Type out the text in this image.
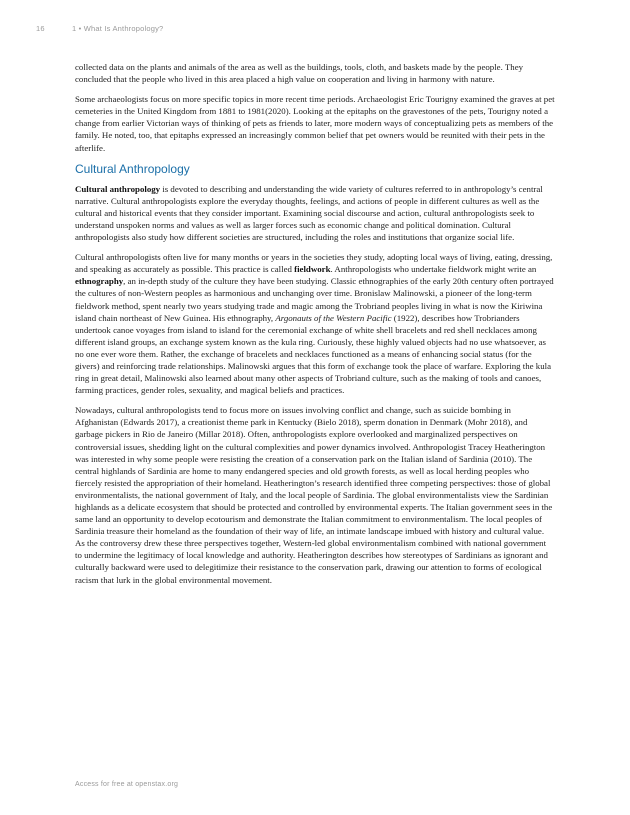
16	1 • What Is Anthropology?

collected data on the plants and animals of the area as well as the buildings, tools, cloth, and baskets made by the people. They concluded that the people who lived in this area placed a high value on cooperation and living in harmony with nature.

Some archaeologists focus on more specific topics in more recent time periods. Archaeologist Eric Tourigny examined the graves at pet cemeteries in the United Kingdom from 1881 to 1981(2020). Looking at the epitaphs on the gravestones of the pets, Tourigny noted a change from earlier Victorian ways of thinking of pets as friends to later, more modern ways of conceptualizing pets as members of the family. He noted, too, that epitaphs expressed an increasingly common belief that pet owners would be reunited with their pets in the afterlife.

Cultural Anthropology

Cultural anthropology is devoted to describing and understanding the wide variety of cultures referred to in anthropology’s central narrative. Cultural anthropologists explore the everyday thoughts, feelings, and actions of people in different cultures as well as the cultural and historical events that they consider important. Examining social discourse and action, cultural anthropologists seek to understand unspoken norms and values as well as larger forces such as economic change and political domination. Cultural anthropologists also study how different societies are structured, including the roles and institutions that organize social life.

Cultural anthropologists often live for many months or years in the societies they study, adopting local ways of living, eating, dressing, and speaking as accurately as possible. This practice is called fieldwork. Anthropologists who undertake fieldwork might write an ethnography, an in-depth study of the culture they have been studying. Classic ethnographies of the early 20th century often portrayed the cultures of non-Western peoples as harmonious and unchanging over time. Bronislaw Malinowski, a pioneer of the long-term fieldwork method, spent nearly two years studying trade and magic among the Trobriand peoples living in what is now the Kiriwina island chain northeast of New Guinea. His ethnography, Argonauts of the Western Pacific (1922), describes how Trobrianders undertook canoe voyages from island to island for the ceremonial exchange of white shell bracelets and red shell necklaces among different island groups, an exchange system known as the kula ring. Curiously, these highly valued objects had no use whatsoever, as no one ever wore them. Rather, the exchange of bracelets and necklaces functioned as a means of enhancing social status (for the givers) and reinforcing trade relationships. Malinowski argues that this form of exchange took the place of warfare. Exploring the kula ring in great detail, Malinowski also learned about many other aspects of Trobriand culture, such as the making of tools and canoes, farming practices, gender roles, sexuality, and magical beliefs and practices.

Nowadays, cultural anthropologists tend to focus more on issues involving conflict and change, such as suicide bombing in Afghanistan (Edwards 2017), a creationist theme park in Kentucky (Bielo 2018), sperm donation in Denmark (Mohr 2018), and garbage pickers in Rio de Janeiro (Millar 2018). Often, anthropologists explore overlooked and marginalized perspectives on controversial issues, shedding light on the cultural complexities and power dynamics involved. Anthropologist Tracey Heatherington was interested in why some people were resisting the creation of a conservation park on the Italian island of Sardinia (2010). The central highlands of Sardinia are home to many endangered species and old growth forests, as well as local herding peoples who fiercely resisted the appropriation of their homeland. Heatherington’s research identified three competing perspectives: those of global environmentalists, the national government of Italy, and the local people of Sardinia. The global environmentalists view the Sardinian highlands as a delicate ecosystem that should be protected and controlled by environmental experts. The Italian government sees in the same land an opportunity to develop ecotourism and demonstrate the Italian commitment to environmentalism. The local peoples of Sardinia treasure their homeland as the foundation of their way of life, an intimate landscape imbued with history and cultural value. As the controversy drew these three perspectives together, Western-led global environmentalism combined with national government to undermine the legitimacy of local knowledge and authority. Heatherington describes how stereotypes of Sardinians as ignorant and culturally backward were used to delegitimize their resistance to the conservation park, drawing our attention to forms of ecological racism that lurk in the global environmental movement.

Access for free at openstax.org
